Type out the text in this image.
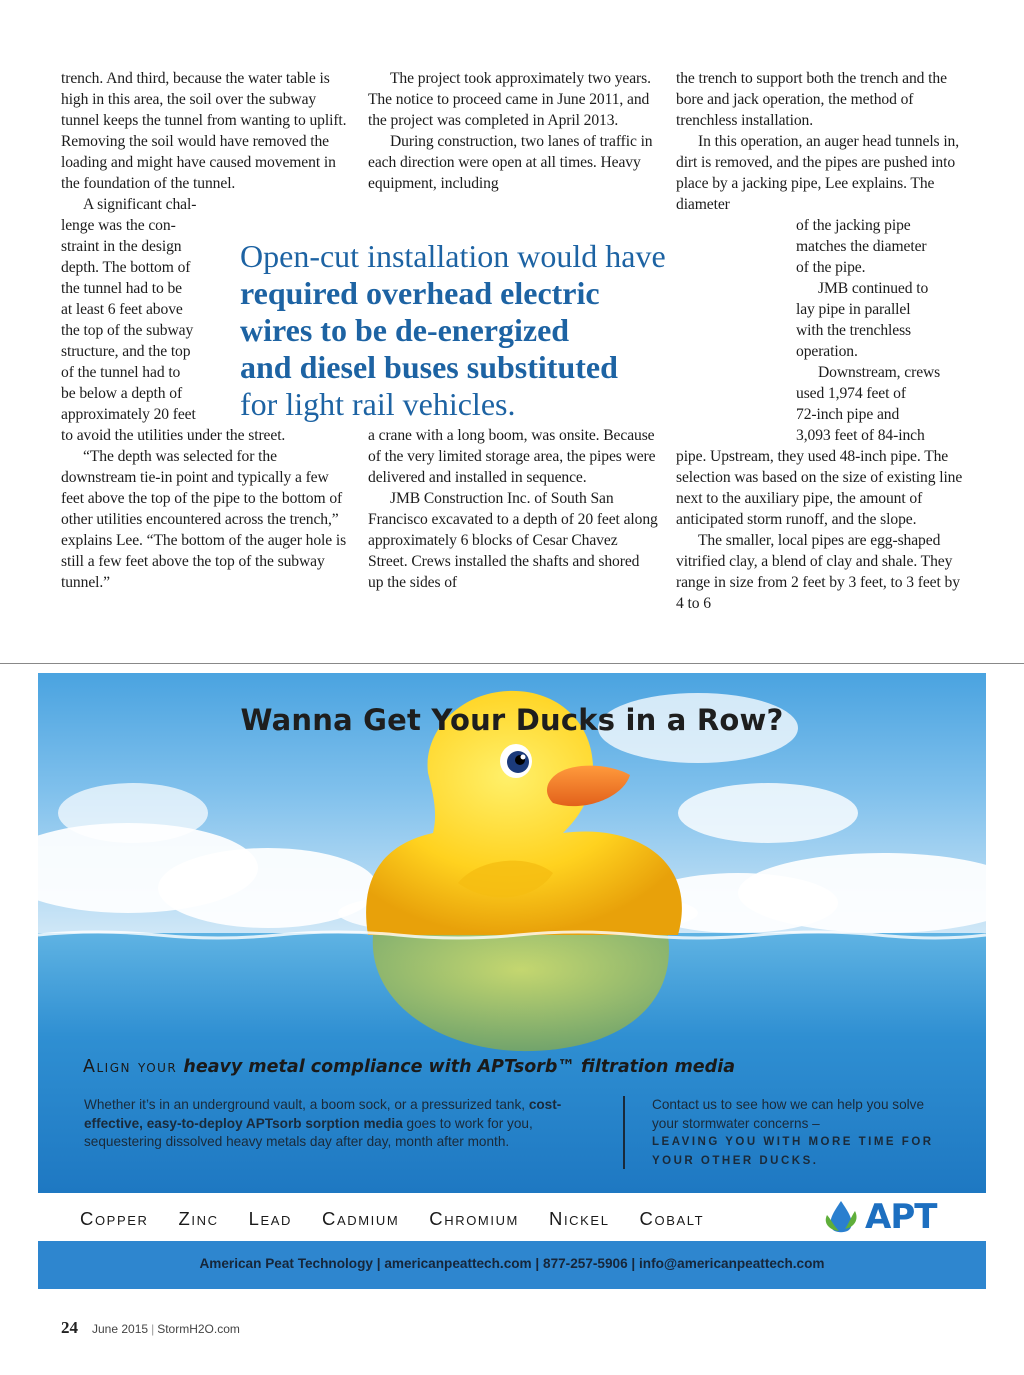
trench. And third, because the water table is high in this area, the soil over the subway tunnel keeps the tunnel from wanting to uplift. Removing the soil would have removed the loading and might have caused movement in the foundation of the tunnel.

A significant chal-

lenge was the con-

straint in the design

depth. The bottom of

the tunnel had to be

at least 6 feet above

the top of the subway

structure, and the top

of the tunnel had to

be below a depth of

approximately 20 feet

to avoid the utilities under the street.

“The depth was selected for the downstream tie-in point and typically a few feet above the top of the pipe to the bottom of other utilities encountered across the trench,” explains Lee. “The bottom of the auger hole is still a few feet above the top of the subway tunnel.”

The project took approximately two years. The notice to proceed came in June 2011, and the project was completed in April 2013.

During construction, two lanes of traffic in each direction were open at all times. Heavy equipment, including

a crane with a long boom, was onsite. Because of the very limited storage area, the pipes were delivered and installed in sequence.

JMB Construction Inc. of South San Francisco excavated to a depth of 20 feet along approximately 6 blocks of Cesar Chavez Street. Crews installed the shafts and shored up the sides of

the trench to support both the trench and the bore and jack operation, the method of trenchless installation.

In this operation, an auger head tunnels in, dirt is removed, and the pipes are pushed into place by a jacking pipe, Lee explains. The diameter

of the jacking pipe

matches the diameter

of the pipe.

JMB continued to

lay pipe in parallel

with the trenchless

operation.

Downstream, crews

used 1,974 feet of

72-inch pipe and

3,093 feet of 84-inch

pipe. Upstream, they used 48-inch pipe. The selection was based on the size of existing line next to the auxiliary pipe, the amount of anticipated storm runoff, and the slope.

The smaller, local pipes are egg-shaped vitrified clay, a blend of clay and shale. They range in size from 2 feet by 3 feet, to 3 feet by 4 to 6

Open-cut installation would have
required overhead electric
wires to be de-energized
and diesel buses substituted
for light rail vehicles.
Wanna Get Your Ducks in a Row?
Align your heavy metal compliance with APTsorb™ filtration media
Whether it’s in an underground vault, a boom sock, or a pressurized tank, cost-effective, easy-to-deploy APTsorb sorption media goes to work for you, sequestering dissolved heavy metals day after day, month after month.
Contact us to see how we can help you solve your stormwater concerns –
LEAVING YOU WITH MORE TIME FOR YOUR OTHER DUCKS.
Copper Zinc Lead Cadmium Chromium Nickel Cobalt	APT
American Peat Technology | americanpeattech.com | 877-257-5906 | info@americanpeattech.com
24 June 2015 | StormH2O.com
